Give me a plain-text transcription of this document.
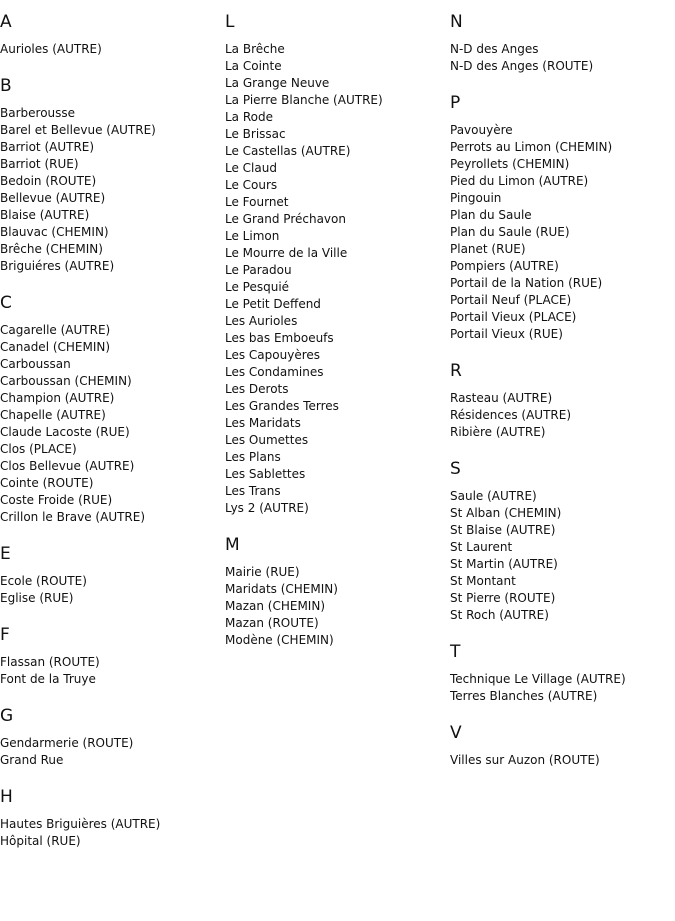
A
Aurioles (AUTRE)
B
Barberousse
Barel et Bellevue (AUTRE)
Barriot (AUTRE)
Barriot (RUE)
Bedoin (ROUTE)
Bellevue (AUTRE)
Blaise (AUTRE)
Blauvac (CHEMIN)
Brêche (CHEMIN)
Briguiéres (AUTRE)
C
Cagarelle (AUTRE)
Canadel (CHEMIN)
Carboussan
Carboussan (CHEMIN)
Champion (AUTRE)
Chapelle (AUTRE)
Claude Lacoste (RUE)
Clos (PLACE)
Clos Bellevue (AUTRE)
Cointe (ROUTE)
Coste Froide (RUE)
Crillon le Brave (AUTRE)
E
Ecole (ROUTE)
Eglise (RUE)
F
Flassan (ROUTE)
Font de la Truye
G
Gendarmerie (ROUTE)
Grand Rue
H
Hautes Briguières (AUTRE)
Hôpital (RUE)
L
La Brêche
La Cointe
La Grange Neuve
La Pierre Blanche (AUTRE)
La Rode
Le Brissac
Le Castellas (AUTRE)
Le Claud
Le Cours
Le Fournet
Le Grand Préchavon
Le Limon
Le Mourre de la Ville
Le Paradou
Le Pesquié
Le Petit Deffend
Les Aurioles
Les bas Emboeufs
Les Capouyères
Les Condamines
Les Derots
Les Grandes Terres
Les Maridats
Les Oumettes
Les Plans
Les Sablettes
Les Trans
Lys 2 (AUTRE)
M
Mairie (RUE)
Maridats (CHEMIN)
Mazan (CHEMIN)
Mazan (ROUTE)
Modène (CHEMIN)
N
N-D des Anges
N-D des Anges (ROUTE)
P
Pavouyère
Perrots au Limon (CHEMIN)
Peyrollets (CHEMIN)
Pied du Limon (AUTRE)
Pingouin
Plan du Saule
Plan du Saule (RUE)
Planet (RUE)
Pompiers (AUTRE)
Portail de la Nation (RUE)
Portail Neuf (PLACE)
Portail Vieux (PLACE)
Portail Vieux (RUE)
R
Rasteau (AUTRE)
Résidences (AUTRE)
Ribière (AUTRE)
S
Saule (AUTRE)
St Alban (CHEMIN)
St Blaise (AUTRE)
St Laurent
St Martin (AUTRE)
St Montant
St Pierre (ROUTE)
St Roch (AUTRE)
T
Technique Le Village (AUTRE)
Terres Blanches (AUTRE)
V
Villes sur Auzon (ROUTE)
